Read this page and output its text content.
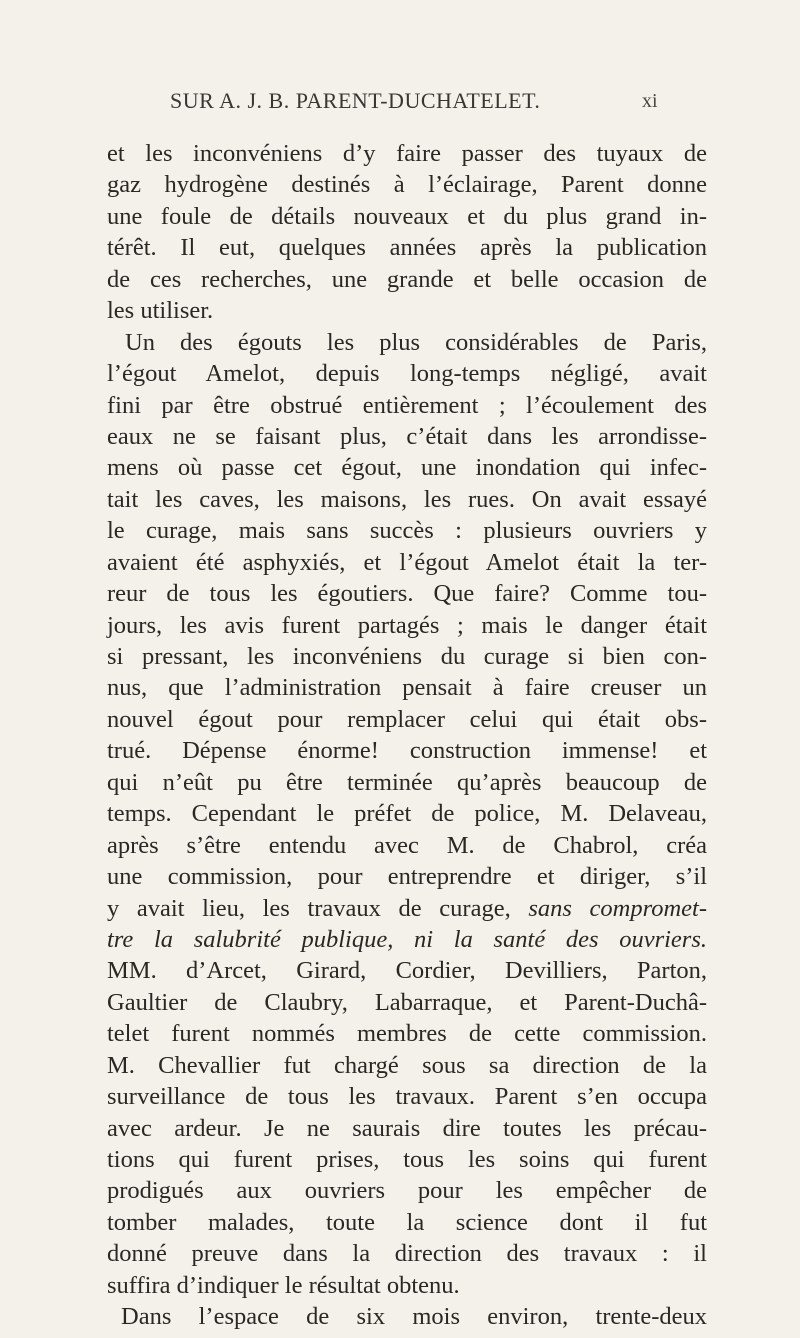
SUR A. J. B. PARENT-DUCHATELET.	xi
et les inconvéniens d’y faire passer des tuyaux de
gaz hydrogène destinés à l’éclairage, Parent donne
une foule de détails nouveaux et du plus grand in-
térêt. Il eut, quelques années après la publication
de ces recherches, une grande et belle occasion de
les utiliser.
Un des égouts les plus considérables de Paris,
l’égout Amelot, depuis long-temps négligé, avait
fini par être obstrué entièrement ; l’écoulement des
eaux ne se faisant plus, c’était dans les arrondisse-
mens où passe cet égout, une inondation qui infec-
tait les caves, les maisons, les rues. On avait essayé
le curage, mais sans succès : plusieurs ouvriers y
avaient été asphyxiés, et l’égout Amelot était la ter-
reur de tous les égoutiers. Que faire? Comme tou-
jours, les avis furent partagés ; mais le danger était
si pressant, les inconvéniens du curage si bien con-
nus, que l’administration pensait à faire creuser un
nouvel égout pour remplacer celui qui était obs-
trué. Dépense énorme! construction immense! et
qui n’eût pu être terminée qu’après beaucoup de
temps. Cependant le préfet de police, M. Delaveau,
après s’être entendu avec M. de Chabrol, créa
une commission, pour entreprendre et diriger, s’il
y avait lieu, les travaux de curage, sans compromet-
tre la salubrité publique, ni la santé des ouvriers.
MM. d’Arcet, Girard, Cordier, Devilliers, Parton,
Gaultier de Claubry, Labarraque, et Parent-Duchâ-
telet furent nommés membres de cette commission.
M. Chevallier fut chargé sous sa direction de la
surveillance de tous les travaux. Parent s’en occupa
avec ardeur. Je ne saurais dire toutes les précau-
tions qui furent prises, tous les soins qui furent
prodigués aux ouvriers pour les empêcher de
tomber malades, toute la science dont il fut
donné preuve dans la direction des travaux : il
suffira d’indiquer le résultat obtenu.
Dans l’espace de six mois environ, trente-deux
